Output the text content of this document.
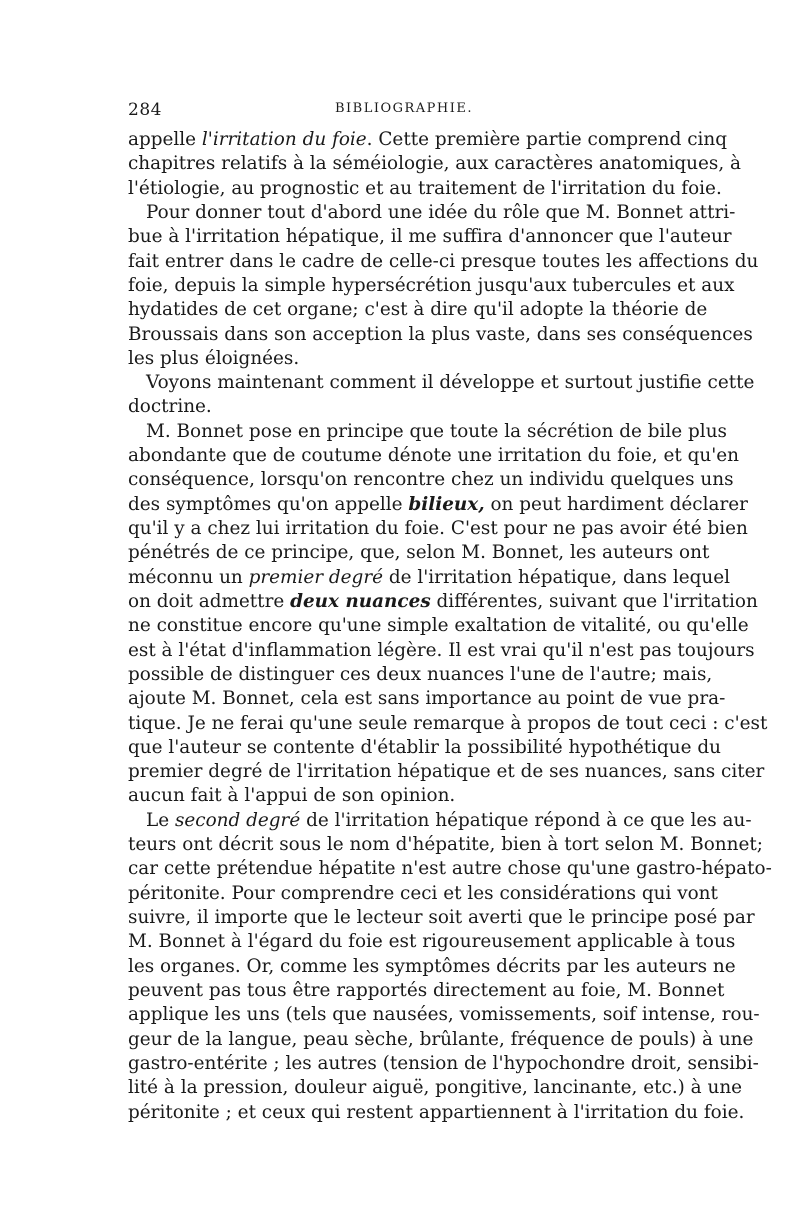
284	BIBLIOGRAPHIE.
appelle l'irritation du foie. Cette première partie comprend cinq
chapitres relatifs à la séméiologie, aux caractères anatomiques, à
l'étiologie, au prognostic et au traitement de l'irritation du foie.
Pour donner tout d'abord une idée du rôle que M. Bonnet attri-
bue à l'irritation hépatique, il me suffira d'annoncer que l'auteur
fait entrer dans le cadre de celle-ci presque toutes les affections du
foie, depuis la simple hypersécrétion jusqu'aux tubercules et aux
hydatides de cet organe; c'est à dire qu'il adopte la théorie de
Broussais dans son acception la plus vaste, dans ses conséquences
les plus éloignées.
Voyons maintenant comment il développe et surtout justifie cette
doctrine.
M. Bonnet pose en principe que toute la sécrétion de bile plus
abondante que de coutume dénote une irritation du foie, et qu'en
conséquence, lorsqu'on rencontre chez un individu quelques uns
des symptômes qu'on appelle bilieux, on peut hardiment déclarer
qu'il y a chez lui irritation du foie. C'est pour ne pas avoir été bien
pénétrés de ce principe, que, selon M. Bonnet, les auteurs ont
méconnu un premier degré de l'irritation hépatique, dans lequel
on doit admettre deux nuances différentes, suivant que l'irritation
ne constitue encore qu'une simple exaltation de vitalité, ou qu'elle
est à l'état d'inflammation légère. Il est vrai qu'il n'est pas toujours
possible de distinguer ces deux nuances l'une de l'autre; mais,
ajoute M. Bonnet, cela est sans importance au point de vue pra-
tique. Je ne ferai qu'une seule remarque à propos de tout ceci : c'est
que l'auteur se contente d'établir la possibilité hypothétique du
premier degré de l'irritation hépatique et de ses nuances, sans citer
aucun fait à l'appui de son opinion.
Le second degré de l'irritation hépatique répond à ce que les au-
teurs ont décrit sous le nom d'hépatite, bien à tort selon M. Bonnet;
car cette prétendue hépatite n'est autre chose qu'une gastro-hépato-
péritonite. Pour comprendre ceci et les considérations qui vont
suivre, il importe que le lecteur soit averti que le principe posé par
M. Bonnet à l'égard du foie est rigoureusement applicable à tous
les organes. Or, comme les symptômes décrits par les auteurs ne
peuvent pas tous être rapportés directement au foie, M. Bonnet
applique les uns (tels que nausées, vomissements, soif intense, rou-
geur de la langue, peau sèche, brûlante, fréquence de pouls) à une
gastro-entérite ; les autres (tension de l'hypochondre droit, sensibi-
lité à la pression, douleur aiguë, pongitive, lancinante, etc.) à une
péritonite ; et ceux qui restent appartiennent à l'irritation du foie.
